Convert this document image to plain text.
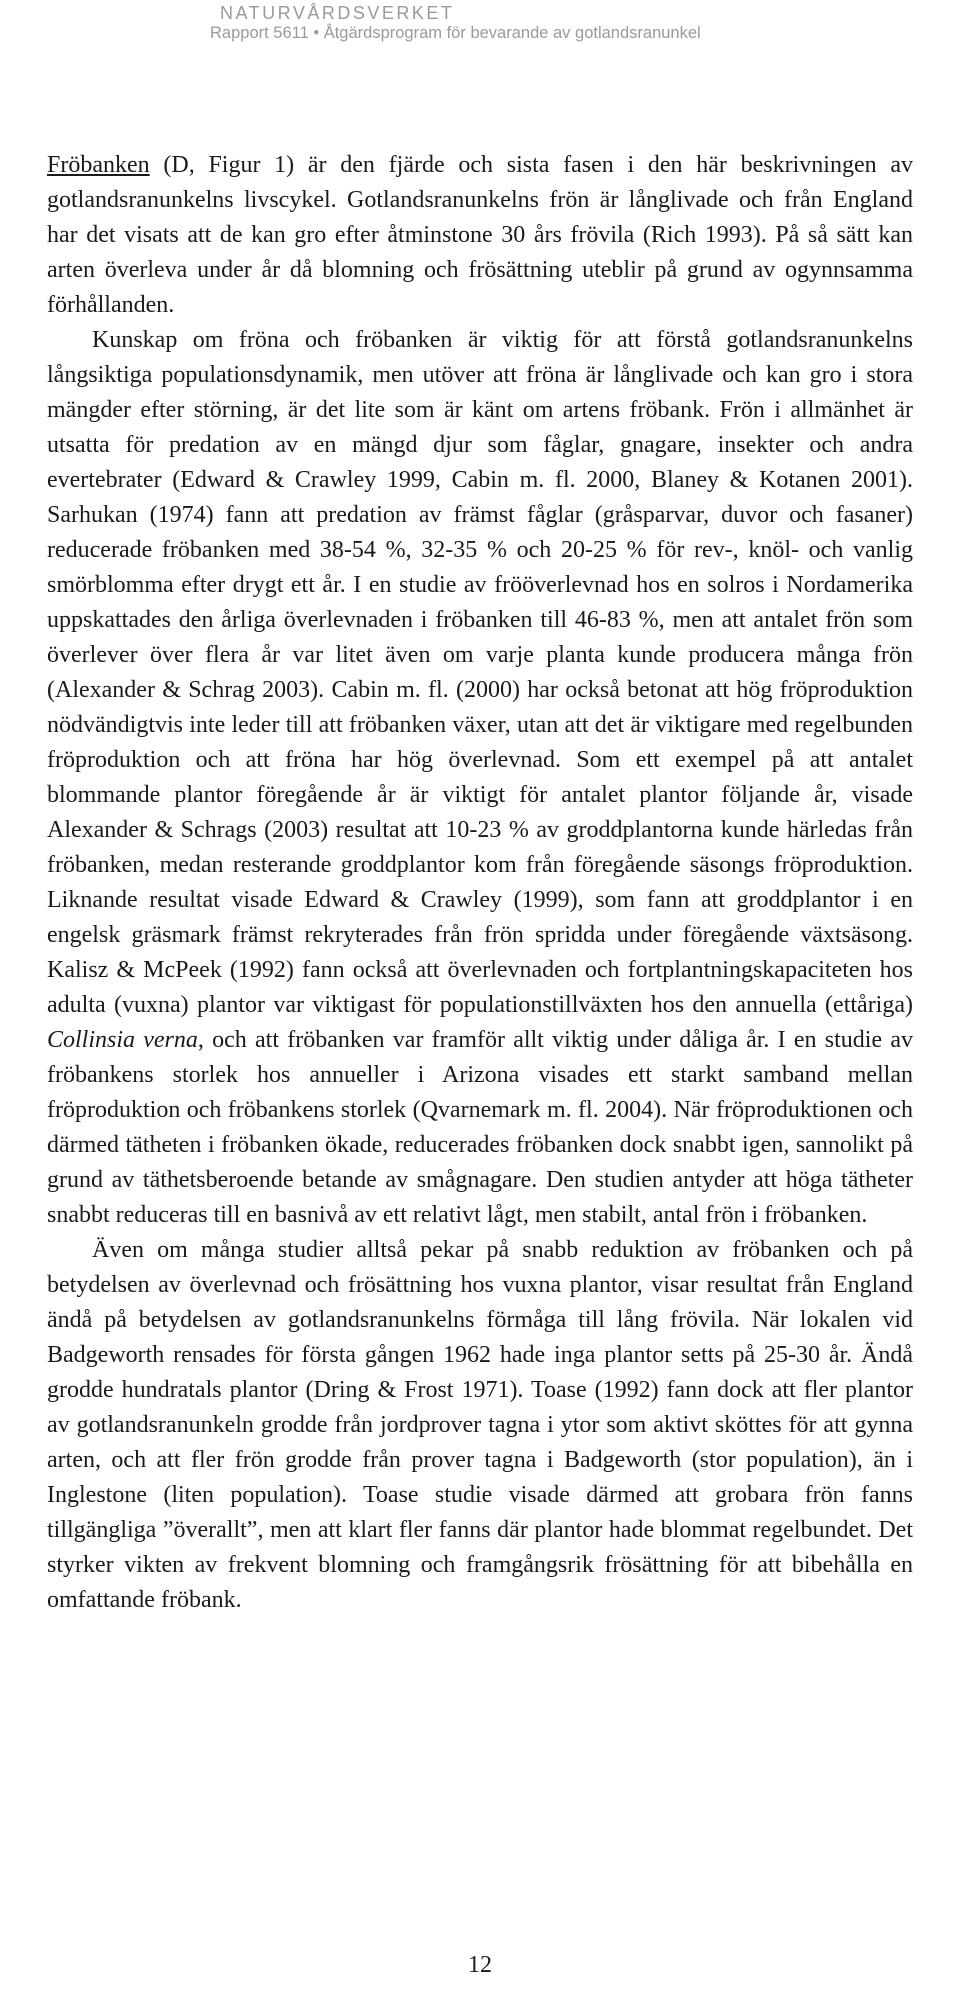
NATURVÅRDSVERKET
Rapport 5611 • Åtgärdsprogram för bevarande av gotlandsranunkel

Fröbanken (D, Figur 1) är den fjärde och sista fasen i den här beskrivningen av gotlandsranunkelns livscykel. Gotlandsranunkelns frön är långlivade och från England har det visats att de kan gro efter åtminstone 30 års frövila (Rich 1993). På så sätt kan arten överleva under år då blomning och frösättning uteblir på grund av ogynnsamma förhållanden.

Kunskap om fröna och fröbanken är viktig för att förstå gotlandsranunkelns långsiktiga populationsdynamik, men utöver att fröna är långlivade och kan gro i stora mängder efter störning, är det lite som är känt om artens fröbank. Frön i allmänhet är utsatta för predation av en mängd djur som fåglar, gnagare, insekter och andra evertebrater (Edward & Crawley 1999, Cabin m. fl. 2000, Blaney & Kotanen 2001). Sarhukan (1974) fann att predation av främst fåglar (gråsparvar, duvor och fasaner) reducerade fröbanken med 38-54 %, 32-35 % och 20-25 % för rev-, knöl- och vanlig smörblomma efter drygt ett år. I en studie av frööverlevnad hos en solros i Nordamerika uppskattades den årliga överlevnaden i fröbanken till 46-83 %, men att antalet frön som överlever över flera år var litet även om varje planta kunde producera många frön (Alexander & Schrag 2003). Cabin m. fl. (2000) har också betonat att hög fröproduktion nödvändigtvis inte leder till att fröbanken växer, utan att det är viktigare med regelbunden fröproduktion och att fröna har hög överlevnad. Som ett exempel på att antalet blommande plantor föregående år är viktigt för antalet plantor följande år, visade Alexander & Schrags (2003) resultat att 10-23 % av groddplantorna kunde härledas från fröbanken, medan resterande groddplantor kom från föregående säsongs fröproduktion. Liknande resultat visade Edward & Crawley (1999), som fann att groddplantor i en engelsk gräsmark främst rekryterades från frön spridda under föregående växtsäsong. Kalisz & McPeek (1992) fann också att överlevnaden och fortplantningskapaciteten hos adulta (vuxna) plantor var viktigast för populationstillväxten hos den annuella (ettåriga) Collinsia verna, och att fröbanken var framför allt viktig under dåliga år. I en studie av fröbankens storlek hos annueller i Arizona visades ett starkt samband mellan fröproduktion och fröbankens storlek (Qvarnemark m. fl. 2004). När fröproduktionen och därmed tätheten i fröbanken ökade, reducerades fröbanken dock snabbt igen, sannolikt på grund av täthetsberoende betande av smågnagare. Den studien antyder att höga tätheter snabbt reduceras till en basnivå av ett relativt lågt, men stabilt, antal frön i fröbanken.

Även om många studier alltså pekar på snabb reduktion av fröbanken och på betydelsen av överlevnad och frösättning hos vuxna plantor, visar resultat från England ändå på betydelsen av gotlandsranunkelns förmåga till lång frövila. När lokalen vid Badgeworth rensades för första gången 1962 hade inga plantor setts på 25-30 år. Ändå grodde hundratals plantor (Dring & Frost 1971). Toase (1992) fann dock att fler plantor av gotlandsranunkeln grodde från jordprover tagna i ytor som aktivt sköttes för att gynna arten, och att fler frön grodde från prover tagna i Badgeworth (stor population), än i Inglestone (liten population). Toase studie visade därmed att grobara frön fanns tillgängliga ”överallt”, men att klart fler fanns där plantor hade blommat regelbundet. Det styrker vikten av frekvent blomning och framgångsrik frösättning för att bibehålla en omfattande fröbank.

12
